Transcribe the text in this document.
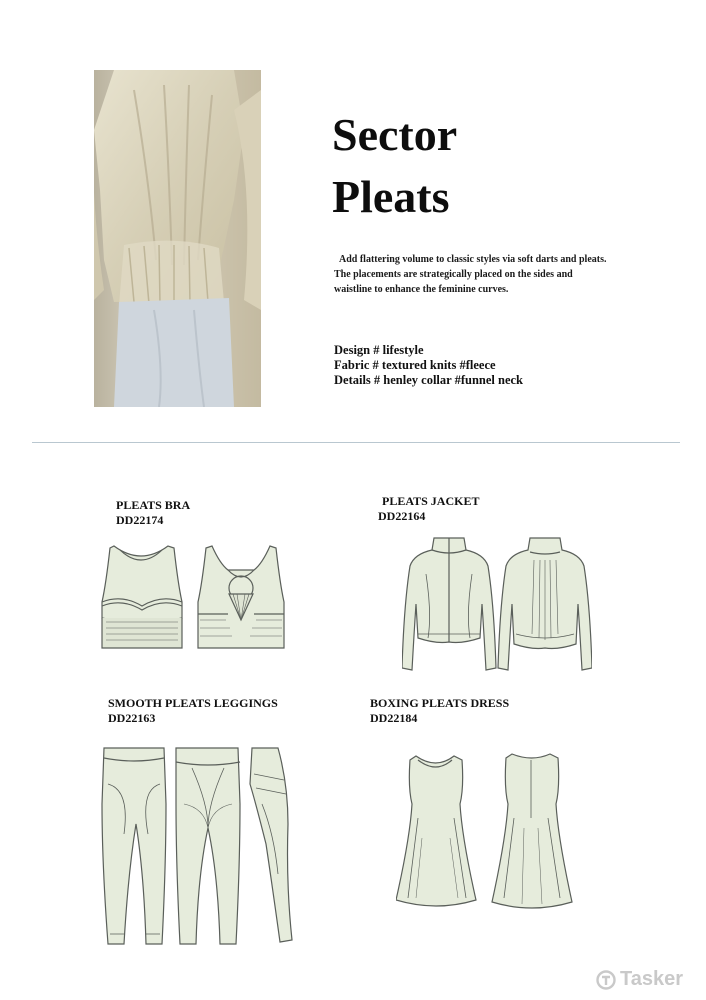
Sector
Pleats
Add flattering volume to classic styles via soft darts and pleats.
The placements are strategically placed on the sides and
waistline to enhance the feminine curves.
Design # lifestyle
Fabric # textured knits #fleece
Details # henley collar #funnel neck
PLEATS BRA
DD22174
PLEATS JACKET
DD22164
SMOOTH PLEATS LEGGINGS
DD22163
BOXING PLEATS DRESS
DD22184
Tasker
